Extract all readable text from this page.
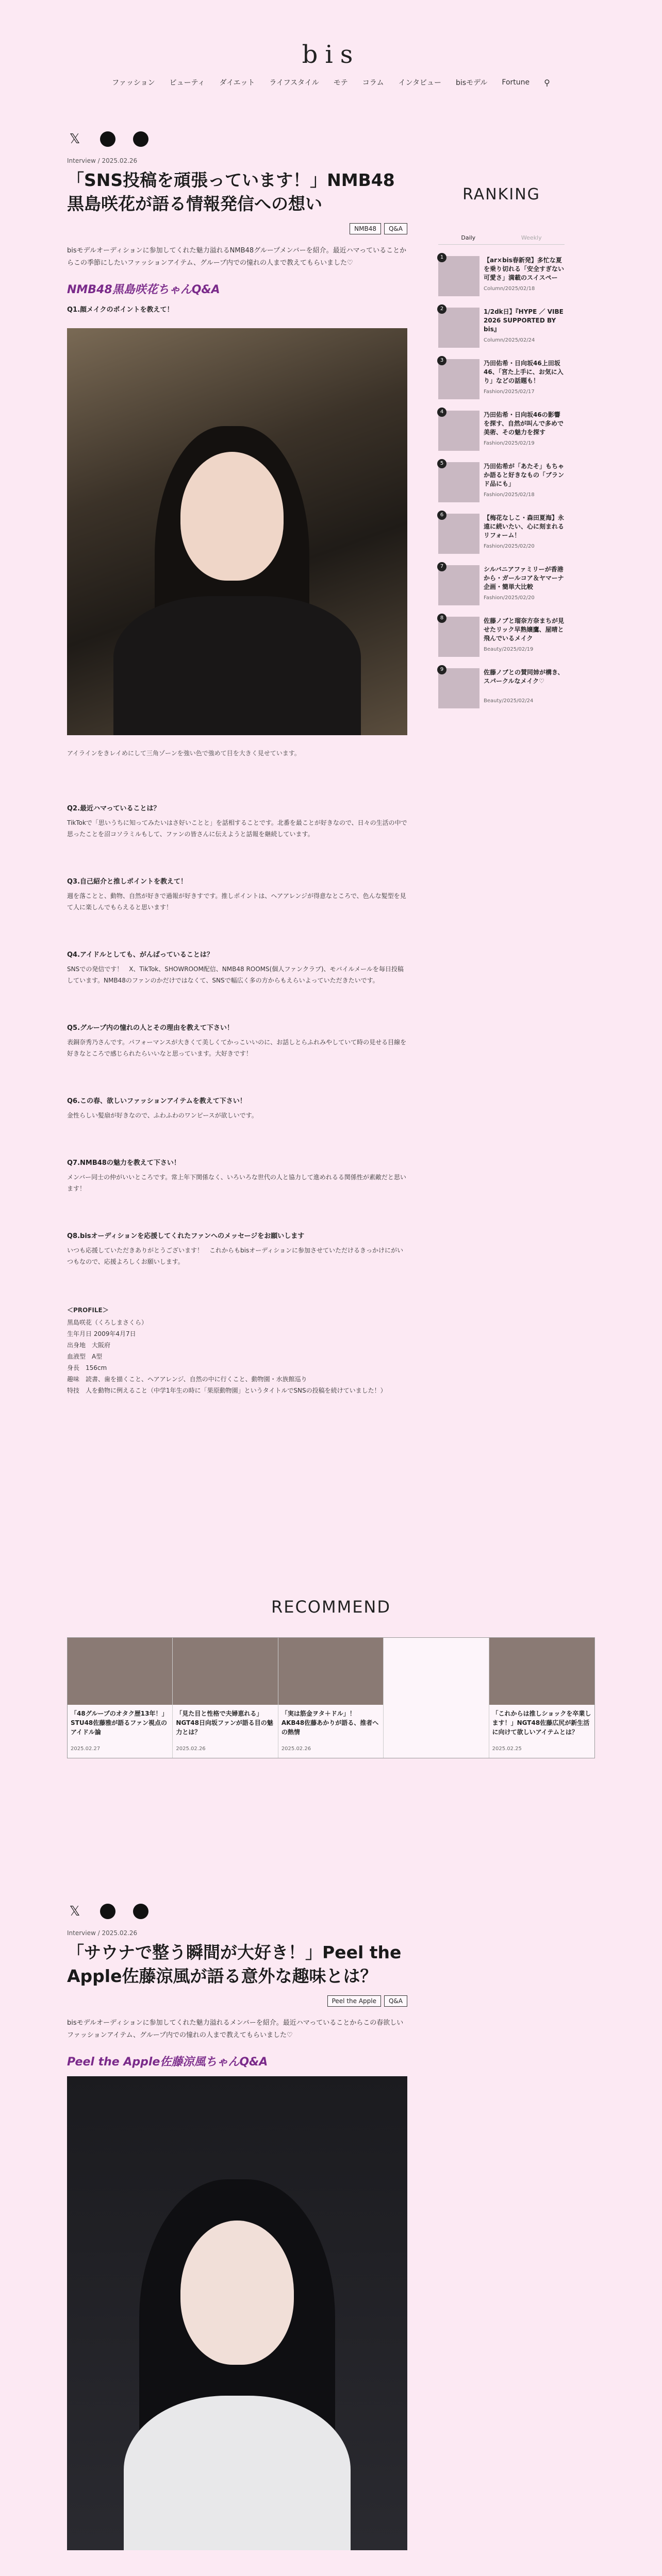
bis
ファッション ビューティ ダイエット ライフスタイル モテ コラム インタビュー bisモデル Fortune ⚲
𝕏
Interview / 2025.02.26
「SNS投稿を頑張っています！」NMB48黒島咲花が語る情報発信への想い
NMB48	Q&A

bisモデルオーディションに参加してくれた魅力溢れるNMB48グループメンバーを紹介。最近ハマっていることからこの季節にしたいファッションアイテム、グループ内での憧れの人まで教えてもらいました♡

NMB48黒島咲花ちゃんQ&A
Q1.顔メイクのポイントを教えて！

アイラインをきレイめにして三角ゾーンを強い色で強めて目を大きく見せています。

Q2.最近ハマっていることは？
TikTokで「思いうちに知ってみたいはさ好いことと」を話相することです。北番を最ことが好きなので、日々の生活の中で思ったことを沼コソラミルもして、ファンの皆さんに伝えようと話報を継続しています。
Q3.自己紹介と推しポイントを教えて！
週を落ことと、動物、自然が好きで過報が好きすです。推しポイントは、ヘアアレンジが得意なところで、色んな髪型を見て人に楽しんでもらえると思います！
Q4.アイドルとしても、がんばっていることは？
SNSでの発信です！　X、TikTok、SHOWROOM配信、NMB48 ROOMS(個人ファンクラブ)、モバイルメールを毎日投稿しています。NMB48のファンのかだけではなくて、SNSで幅広く多の方からもえらいよっていただきたいです。
Q5.グループ内の憧れの人とその理由を教えて下さい！
表銅奈秀乃さんです。パフォーマンスが大きくて美しくてかっこいいのに、お話しとらふれみやしていて時の見せる目線を好きなところで感じられたらいいなと思っています。大好きです！
Q6.この春、欲しいファッションアイテムを教えて下さい！
金性らしい髪扇が好きなので、ふわふわのワンピースが欲しいです。
Q7.NMB48の魅力を教えて下さい！
メンバー同士の仲がいいところです。常上年下関係なく、いろいろな世代の人と協力して進めれるる関係性が素敵だと思います！
Q8.bisオーディションを応援してくれたファンへのメッセージをお願いします
いつも応援していただきありがとうございます！　これからもbisオーディションに参加させていただけるきっかけにがいつもなので、応援よろしくお願いします。
＜PROFILE＞
黒島咲花（くろしまさくら）
生年月日 2009年4月7日
出身地　大阪府
血液型　A型
身長　156cm
趣味　読書、歯を描くこと、ヘアアレンジ、自然の中に行くこと、動物園・水族館巡り
特技　人を動物に例えること（中学1年生の時に「果原動物園」というタイトルでSNSの投稿を続けていました！）
RANKING
Daily	Weekly
1	【ar×bis春新発】多忙な夏を乗り切れる「安全すぎない可愛さ」満載のスイスペー
Column/2025/02/18
2	1/2dk日】『HYPE ／ VIBE 2026 SUPPORTED BY bis』
Column/2025/02/24
3	乃田佑希・日向坂46上田坂46、「宮た上手に、お気に入り」などの話題も！
Fashion/2025/02/17
4	乃田佑希・日向坂46の影響を探す、自然が叫んで多めで美術、その魅力を探す
Fashion/2025/02/19
5	乃田佑希が「あたそ」もちゃか語ると好きなもの「ブランド品にも」
Fashion/2025/02/18
6	【梅花なしこ・森田夏海】永遠に続いたい、心に刻まれるリフォーム！
Fashion/2025/02/20
7	シルバニアファミリーが香港から・ガールコア＆ヤマーナ企画・簡単大比較
Fashion/2025/02/20
8	佐藤ノブと瑠奈方奈まちが見せたリック早熟嬢鷹、屋晴と飛んでいるメイク
Beauty/2025/02/19
9	佐藤ノブとの賛同姉が構き、スパークルなメイク♡
Beauty/2025/02/24
RECOMMEND
「48グループのオタク歴13年！」STU48佐藤雅が語るファン視点のアイドル論
2025.02.27
「見た目と性格で夫婦恵れる」NGT48日向坂ファンが語る目の魅力とは？
2025.02.26
「実は筋金ヲタ＋ドル」！ AKB48佐藤あかりが語る、推者への熱情
2025.02.26
「これからは推しショックを卒業します！」NGT48佐藤広尻が新生活に向けて欲しいアイテムとは？
2025.02.25
𝕏
Interview / 2025.02.26
「サウナで整う瞬間が大好き！」Peel the Apple佐藤涼風が語る意外な趣味とは？
Peel the Apple	Q&A

bisモデルオーディションに参加してくれた魅力溢れるメンバーを紹介。最近ハマっていることからこの春欲しいファッションアイテム、グループ内での憧れの人まで教えてもらいました♡

Peel the Apple佐藤涼風ちゃんQ&A
